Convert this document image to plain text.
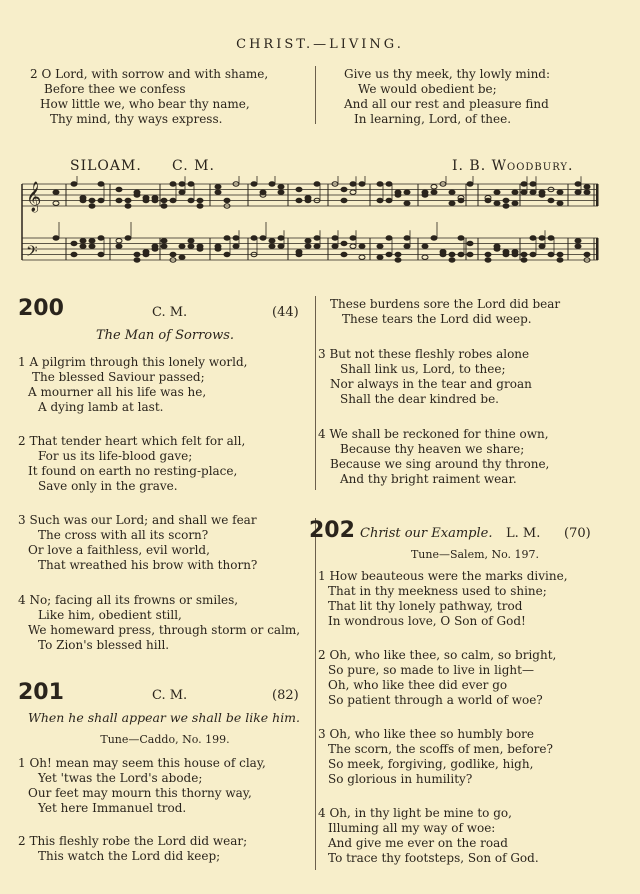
CHRIST.—LIVING.
2 O Lord, with sorrow and with shame,
Before thee we confess
How little we, who bear thy name,
Thy mind, thy ways express.
Give us thy meek, thy lowly mind:
We would obedient be;
And all our rest and pleasure find
In learning, Lord, of thee.
SILOAM. C. M.	I. B. Woodbury.
𝄞
𝄢
200	C. M.	(44)
The Man of Sorrows.
1 A pilgrim through this lonely world,
The blessed Saviour passed;
A mourner all his life was he,
A dying lamb at last.
2 That tender heart which felt for all,
For us its life-blood gave;
It found on earth no resting-place,
Save only in the grave.
3 Such was our Lord; and shall we fear
The cross with all its scorn?
Or love a faithless, evil world,
That wreathed his brow with thorn?
4 No; facing all its frowns or smiles,
Like him, obedient still,
We homeward press, through storm or calm,
To Zion's blessed hill.
201	C. M.	(82)
When he shall appear we shall be like him.
Tune—Caddo, No. 199.
1 Oh! mean may seem this house of clay,
Yet 'twas the Lord's abode;
Our feet may mourn this thorny way,
Yet here Immanuel trod.
2 This fleshly robe the Lord did wear;
This watch the Lord did keep;
These burdens sore the Lord did bear
These tears the Lord did weep.
3 But not these fleshly robes alone
Shall link us, Lord, to thee;
Nor always in the tear and groan
Shall the dear kindred be.
4 We shall be reckoned for thine own,
Because thy heaven we share;
Because we sing around thy throne,
And thy bright raiment wear.
202 Christ our Example. L. M. (70)
Tune—Salem, No. 197.
1 How beauteous were the marks divine,
That in thy meekness used to shine;
That lit thy lonely pathway, trod
In wondrous love, O Son of God!
2 Oh, who like thee, so calm, so bright,
So pure, so made to live in light—
Oh, who like thee did ever go
So patient through a world of woe?
3 Oh, who like thee so humbly bore
The scorn, the scoffs of men, before?
So meek, forgiving, godlike, high,
So glorious in humility?
4 Oh, in thy light be mine to go,
Illuming all my way of woe:
And give me ever on the road
To trace thy footsteps, Son of God.
